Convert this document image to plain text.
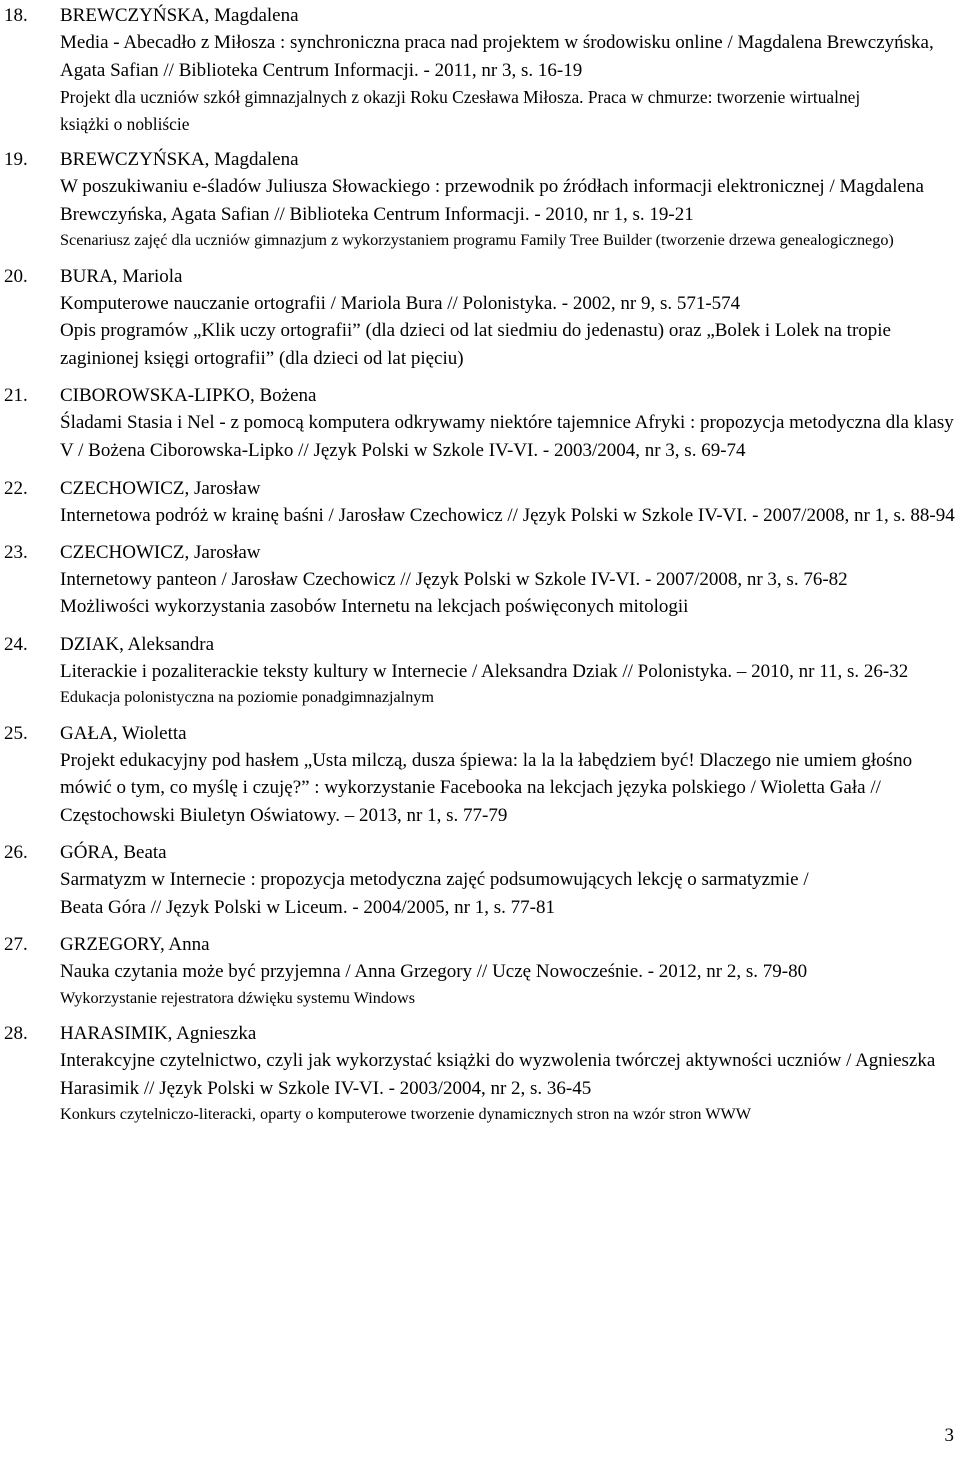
18. BREWCZYŃSKA, Magdalena
Media - Abecadło z Miłosza : synchroniczna praca nad projektem w środowisku online / Magdalena Brewczyńska, Agata Safian // Biblioteka Centrum Informacji. - 2011, nr 3, s. 16-19
Projekt dla uczniów szkół gimnazjalnych z okazji Roku Czesława Miłosza. Praca w chmurze: tworzenie wirtualnej książki o nobliście
19. BREWCZYŃSKA, Magdalena
W poszukiwaniu e-śladów Juliusza Słowackiego : przewodnik po źródłach informacji elektronicznej / Magdalena Brewczyńska, Agata Safian // Biblioteka Centrum Informacji. - 2010, nr 1, s. 19-21
Scenariusz zajęć dla uczniów gimnazjum z wykorzystaniem programu Family Tree Builder (tworzenie drzewa genealogicznego)
20. BURA, Mariola
Komputerowe nauczanie ortografii / Mariola Bura // Polonistyka. - 2002, nr 9, s. 571-574
Opis programów „Klik uczy ortografii” (dla dzieci od lat siedmiu do jedenastu) oraz „Bolek i Lolek na tropie zaginionej księgi ortografii” (dla dzieci od lat pięciu)
21. CIBOROWSKA-LIPKO, Bożena
Śladami Stasia i Nel - z pomocą komputera odkrywamy niektóre tajemnice Afryki : propozycja metodyczna dla klasy V / Bożena Ciborowska-Lipko // Język Polski w Szkole IV-VI. - 2003/2004, nr 3, s. 69-74
22. CZECHOWICZ, Jarosław
Internetowa podróż w krainę baśni / Jarosław Czechowicz // Język Polski w Szkole IV-VI. - 2007/2008, nr 1, s. 88-94
23. CZECHOWICZ, Jarosław
Internetowy panteon / Jarosław Czechowicz // Język Polski w Szkole IV-VI. - 2007/2008, nr 3, s. 76-82
Możliwości wykorzystania zasobów Internetu na lekcjach poświęconych mitologii
24. DZIAK, Aleksandra
Literackie i pozaliterackie teksty kultury w Internecie / Aleksandra Dziak // Polonistyka. – 2010, nr 11, s. 26-32
Edukacja polonistyczna na poziomie ponadgimnazjalnym
25. GAŁA, Wioletta
Projekt edukacyjny pod hasłem „Usta milczą, dusza śpiewa: la la la łabędziem być! Dlaczego nie umiem głośno mówić o tym, co myślę i czuję?” : wykorzystanie Facebooka na lekcjach języka polskiego / Wioletta Gała // Częstochowski Biuletyn Oświatowy. – 2013, nr 1, s. 77-79
26. GÓRA, Beata
Sarmatyzm w Internecie : propozycja metodyczna zajęć podsumowujących lekcję o sarmatyzmie / Beata Góra // Język Polski w Liceum. - 2004/2005, nr 1, s. 77-81
27. GRZEGORY, Anna
Nauka czytania może być przyjemna / Anna Grzegory // Uczę Nowocześnie. - 2012, nr 2, s. 79-80
Wykorzystanie rejestratora dźwięku systemu Windows
28. HARASIMIK, Agnieszka
Interakcyjne czytelnictwo, czyli jak wykorzystać książki do wyzwolenia twórczej aktywności uczniów / Agnieszka Harasimik // Język Polski w Szkole IV-VI. - 2003/2004, nr 2, s. 36-45
Konkurs czytelniczo-literacki, oparty o komputerowe tworzenie dynamicznych stron na wzór stron WWW
3
